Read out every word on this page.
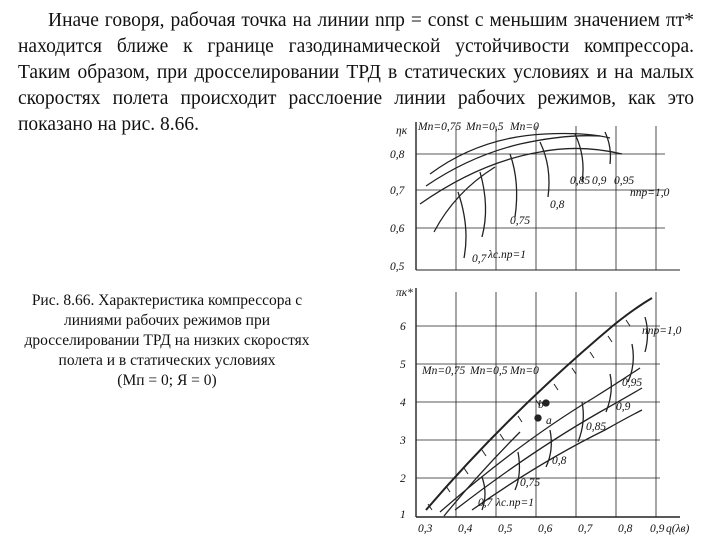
Иначе говоря, рабочая точка на линии nпр = const с меньшим значением πт*
находится ближе к границе газодинамической устойчивости компрессора.
Таким образом, при дросселировании ТРД в статических условиях и на малых
скоростях полета происходит расслоение линии рабочих режимов, как это
показано на рис. 8.66.
Рис. 8.66. Характеристика компрессора с
линиями рабочих режимов при
дросселировании ТРД на низких скоростях
полета и в статических условиях
(Mп = 0; Я = 0)
ηк
0,8
0,7
0,6
0,5
Mп=0,75 Mп=0,5 Mп=0
0,85 0,9 0,95
nпр=1,0
0,8
0,75
0,7 λс.пр=1
πк*
6
5
4
3
2
1
0,3 0,4 0,5 0,6 0,7 0,8 0,9 q(λв)
nпр=1,0
Mп=0,75 Mп=0,5 Mп=0
0,95
0,9
0,85
0,8
0,75
0,7 λс.пр=1
b
a
